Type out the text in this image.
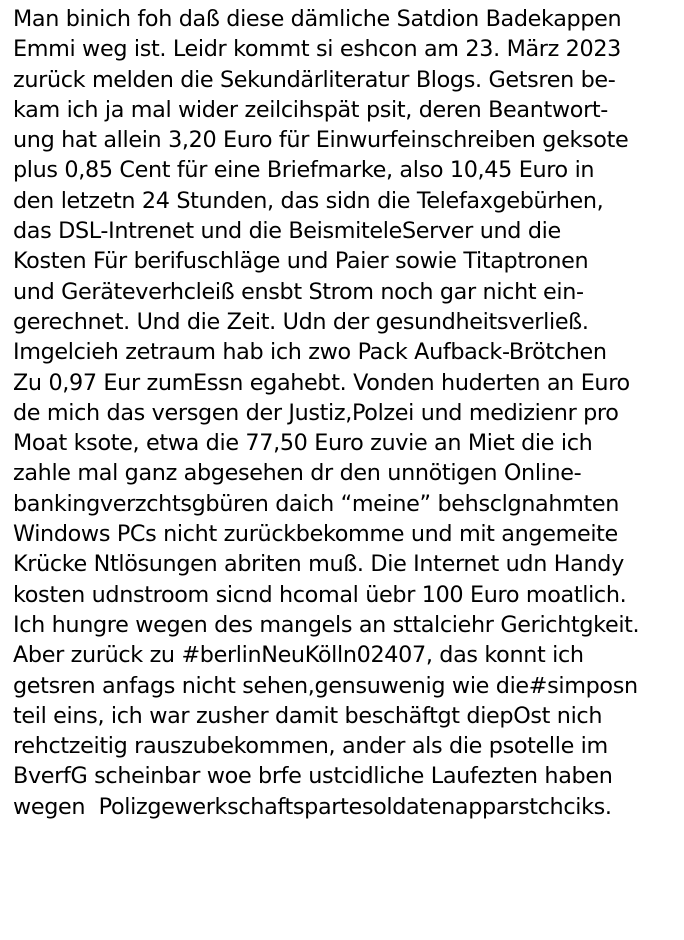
Man binich foh daß diese dämliche Satdion Badekappen
Emmi weg ist. Leidr kommt si eshcon am 23. März 2023
zurück melden die Sekundärliteratur Blogs. Getsren be-
kam ich ja mal wider zeilcihspät psit, deren Beantwort-
ung hat allein 3,20 Euro für Einwurfeinschreiben geksote
plus 0,85 Cent für eine Briefmarke, also 10,45 Euro in
den letzetn 24 Stunden, das sidn die Telefaxgebürhen,
das DSL-Intrenet und die BeismiteleServer und die
Kosten Für berifuschläge und Paier sowie Titaptronen
und Geräteverhcleiß ensbt Strom noch gar nicht ein-
gerechnet. Und die Zeit. Udn der gesundheitsverließ.
Imgelcieh zetraum hab ich zwo Pack Aufback-Brötchen
Zu 0,97 Eur zumEssn egahebt. Vonden huderten an Euro
de mich das versgen der Justiz,Polzei und medizienr pro
Moat ksote, etwa die 77,50 Euro zuvie an Miet die ich
zahle mal ganz abgesehen dr den unnötigen Online-
bankingverzchtsgbüren daich “meine” behsclgnahmten
Windows PCs nicht zurückbekomme und mit angemeite
Krücke Ntlösungen abriten muß. Die Internet udn Handy
kosten udnstroom sicnd hcomal üebr 100 Euro moatlich.
Ich hungre wegen des mangels an sttalciehr Gerichtgkeit.
Aber zurück zu #berlinNeuKölln02407, das konnt ich
getsren anfags nicht sehen,gensuwenig wie die#simposn
teil eins, ich war zusher damit beschäftgt diepOst nich
rehctzeitig rauszubekommen, ander als die psotelle im
BverfG scheinbar woe brfe ustcidliche Laufezten haben
wegen  Polizgewerkschaftspartesoldatenapparstchciks.
